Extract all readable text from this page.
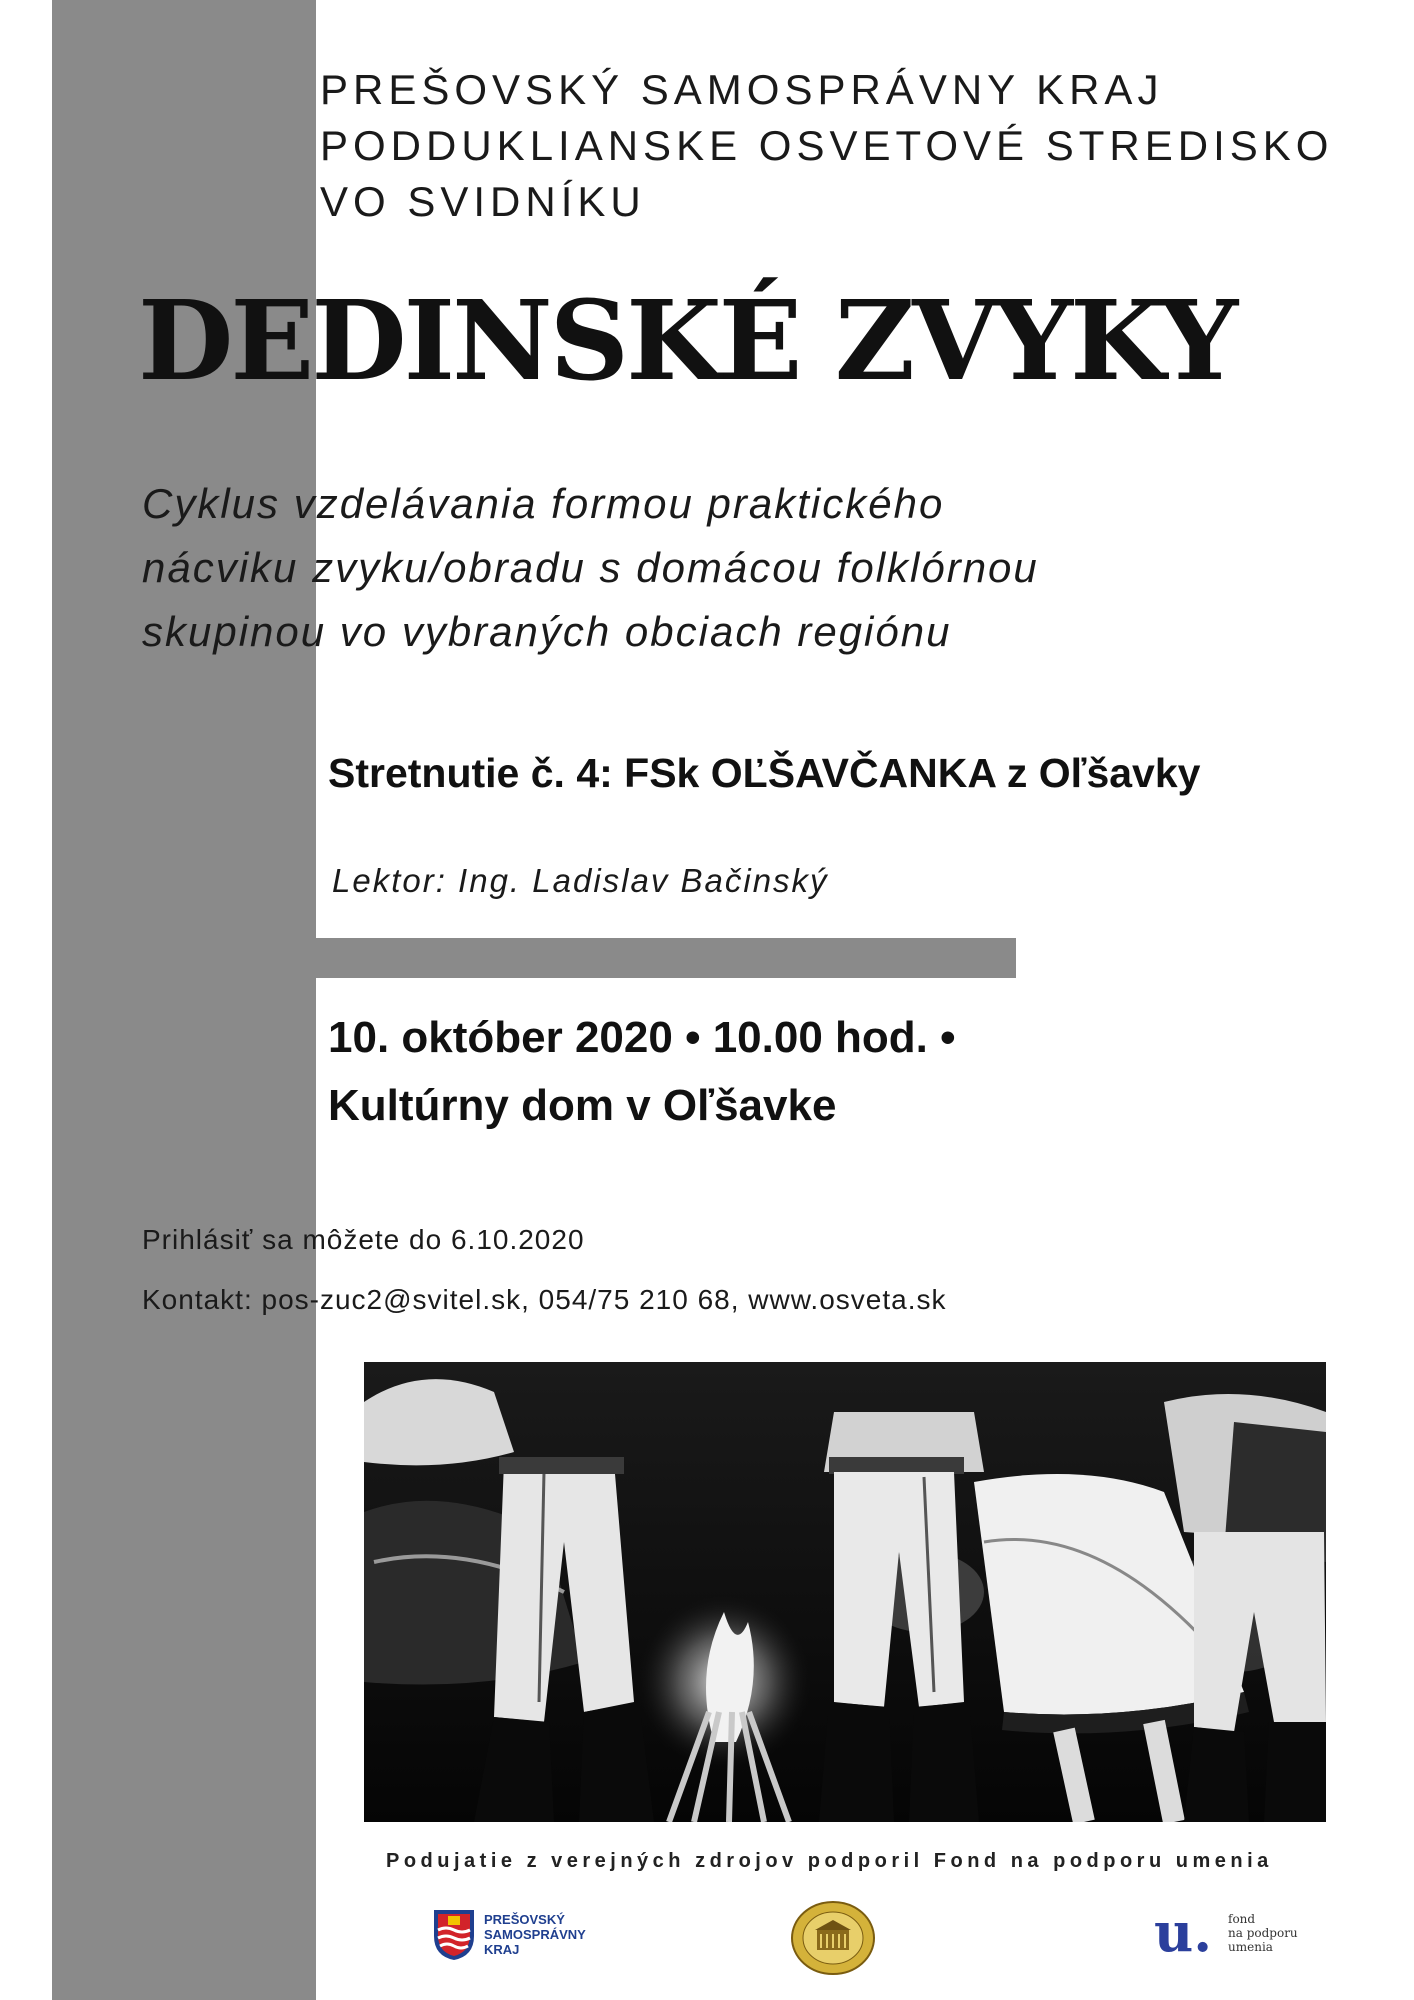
PREŠOVSKÝ SAMOSPRÁVNY KRAJ
PODDUKLIANSKE OSVETOVÉ STREDISKO
VO SVIDNÍKU
DEDINSKÉ ZVYKY
Cyklus vzdelávania formou praktického
nácviku zvyku/obradu s domácou folklórnou
skupinou vo vybraných obciach regiónu
Stretnutie č. 4: FSk OĽŠAVČANKA z Oľšavky
Lektor: Ing. Ladislav Bačinský
10. október 2020 • 10.00 hod. •
Kultúrny dom v Oľšavke
Prihlásiť sa môžete do 6.10.2020
Kontakt: pos-zuc2@svitel.sk, 054/75 210 68, www.osveta.sk
Podujatie z verejných zdrojov podporil Fond na podporu umenia
PREŠOVSKÝ
SAMOSPRÁVNY
KRAJ	u. fond
na podporu
umenia
